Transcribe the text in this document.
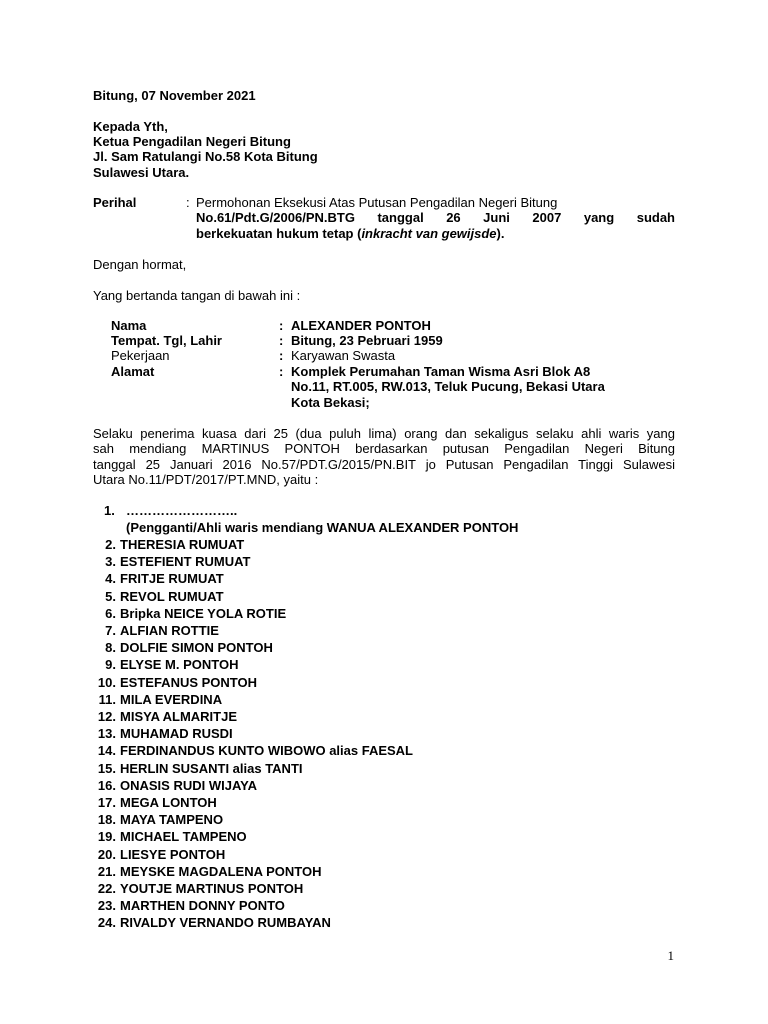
Bitung, 07 November 2021
Kepada Yth,
Ketua Pengadilan Negeri Bitung
Jl. Sam Ratulangi No.58 Kota Bitung
Sulawesi Utara.
Perihal	: Permohonan Eksekusi Atas Putusan Pengadilan Negeri Bitung
No.61/Pdt.G/2006/PN.BTG tanggal 26 Juni 2007 yang sudah
berkekuatan hukum tetap (inkracht van gewijsde).
Dengan hormat,
Yang bertanda tangan di bawah ini :
Nama	: ALEXANDER PONTOH
Tempat. Tgl, Lahir	: Bitung, 23 Pebruari 1959
Pekerjaan	: Karyawan Swasta
Alamat	: Komplek Perumahan Taman Wisma Asri Blok A8
No.11, RT.005, RW.013, Teluk Pucung, Bekasi Utara
Kota Bekasi;
Selaku penerima kuasa dari 25 (dua puluh lima) orang dan sekaligus selaku ahli waris yang
sah mendiang MARTINUS PONTOH berdasarkan putusan Pengadilan Negeri Bitung
tanggal 25 Januari 2016 No.57/PDT.G/2015/PN.BIT jo Putusan Pengadilan Tinggi Sulawesi
Utara No.11/PDT/2017/PT.MND, yaitu :
1. ……………………..
(Pengganti/Ahli waris mendiang WANUA ALEXANDER PONTOH
2. THERESIA RUMUAT
3. ESTEFIENT RUMUAT
4. FRITJE RUMUAT
5. REVOL RUMUAT
6. Bripka NEICE YOLA ROTIE
7. ALFIAN ROTTIE
8. DOLFIE SIMON PONTOH
9. ELYSE M. PONTOH
10. ESTEFANUS PONTOH
11. MILA EVERDINA
12. MISYA ALMARITJE
13. MUHAMAD RUSDI
14. FERDINANDUS KUNTO WIBOWO alias FAESAL
15. HERLIN SUSANTI alias TANTI
16. ONASIS RUDI WIJAYA
17. MEGA LONTOH
18. MAYA TAMPENO
19. MICHAEL TAMPENO
20. LIESYE PONTOH
21. MEYSKE MAGDALENA PONTOH
22. YOUTJE MARTINUS PONTOH
23. MARTHEN DONNY PONTO
24. RIVALDY VERNANDO RUMBAYAN
1
